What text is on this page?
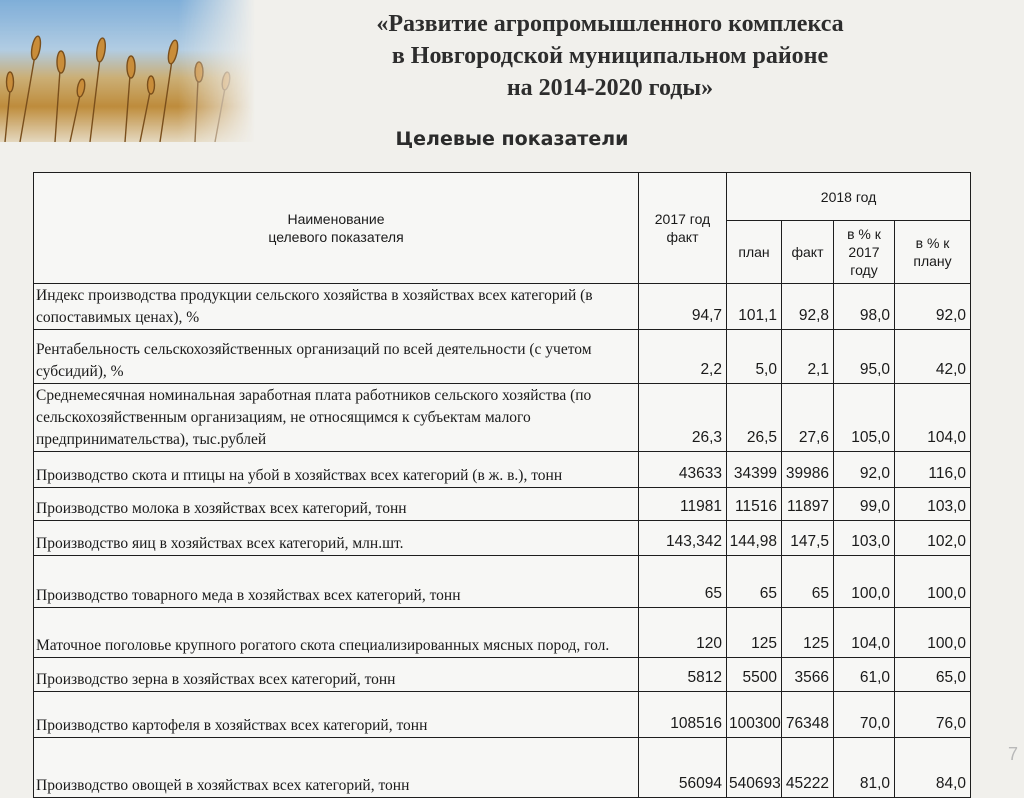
«Развитие агропромышленного комплекса
в Новгородской муниципальном районе
на 2014-2020 годы»
Целевые показатели
Наименование
целевого показателя	2017 год факт	2018 год			
		план	факт	в % к 2017 году	в % к плану
Индекс производства продукции сельского хозяйства в хозяйствах всех категорий (в сопоставимых ценах), %	94,7	101,1	92,8	98,0	92,0
Рентабельность сельскохозяйственных организаций по всей деятельности (с учетом субсидий), %	2,2	5,0	2,1	95,0	42,0
Среднемесячная номинальная заработная плата работников сельского хозяйства (по сельскохозяйственным организациям, не относящимся к субъектам малого предпринимательства), тыс.рублей	26,3	26,5	27,6	105,0	104,0
Производство скота и птицы на убой в хозяйствах всех категорий (в ж. в.), тонн	43633	34399	39986	92,0	116,0
Производство молока в хозяйствах всех категорий, тонн	11981	11516	11897	99,0	103,0
Производство яиц в хозяйствах всех категорий, млн.шт.	143,342	144,98	147,5	103,0	102,0
Производство товарного меда в хозяйствах всех категорий, тонн	65	65	65	100,0	100,0
Маточное поголовье крупного рогатого скота специализированных мясных пород, гол.	120	125	125	104,0	100,0
Производство зерна в хозяйствах всех категорий, тонн	5812	5500	3566	61,0	65,0
Производство картофеля в хозяйствах всех категорий, тонн	108516	100300	76348	70,0	76,0
Производство овощей в хозяйствах всех категорий, тонн	56094	540693	45222	81,0	84,0
7
